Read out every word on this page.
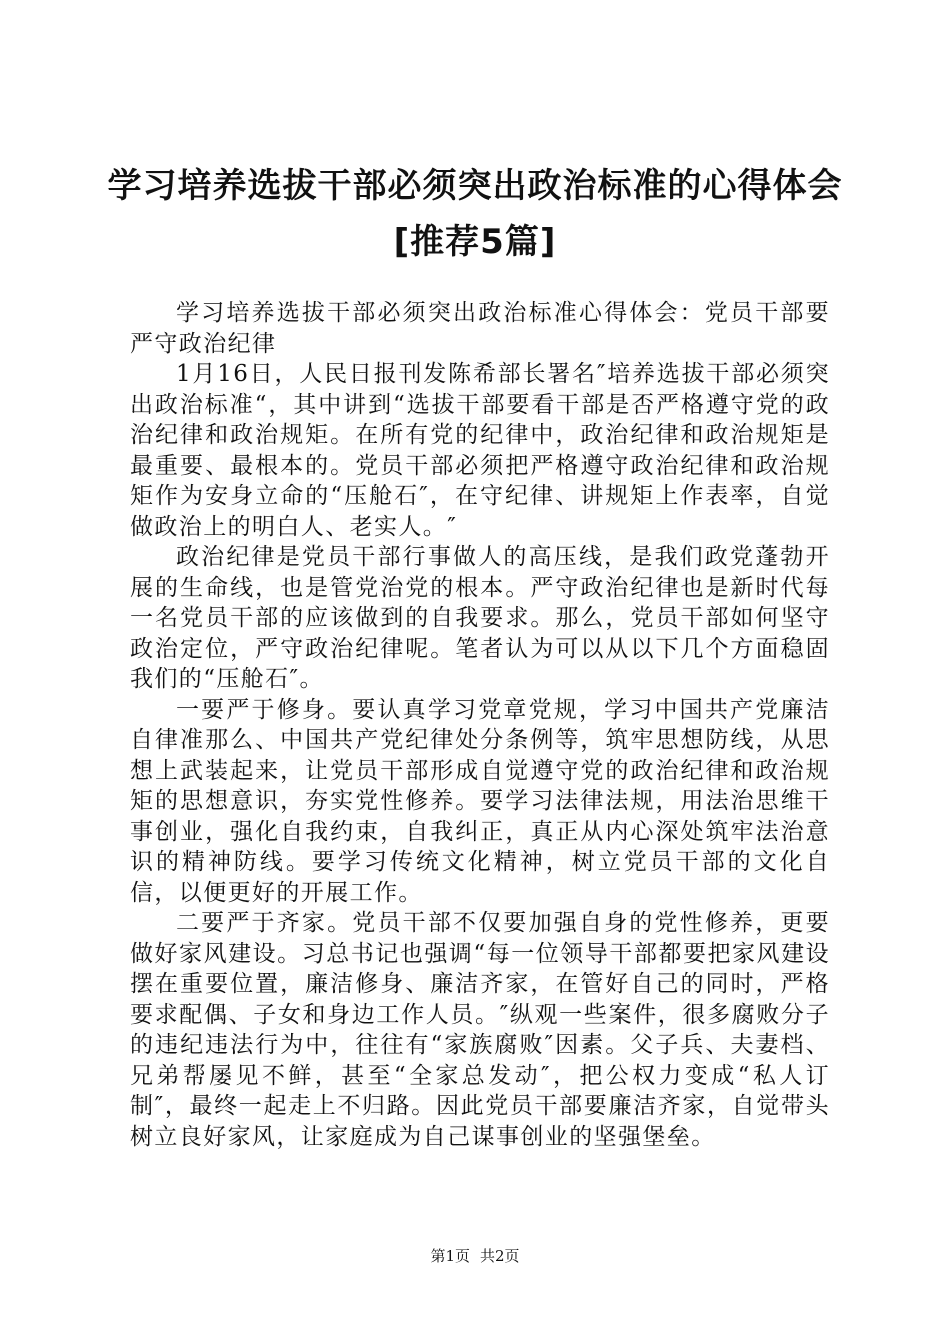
学习培养选拔干部必须突出政治标准的心得体会[推荐5篇]

学习培养选拔干部必须突出政治标准心得体会：党员干部要严守政治纪律

1月16日，人民日报刊发陈希部长署名″培养选拔干部必须突出政治标准“，其中讲到“选拔干部要看干部是否严格遵守党的政治纪律和政治规矩。在所有党的纪律中，政治纪律和政治规矩是最重要、最根本的。党员干部必须把严格遵守政治纪律和政治规矩作为安身立命的“压舱石″，在守纪律、讲规矩上作表率，自觉做政治上的明白人、老实人。″

政治纪律是党员干部行事做人的高压线，是我们政党蓬勃开展的生命线，也是管党治党的根本。严守政治纪律也是新时代每一名党员干部的应该做到的自我要求。那么，党员干部如何坚守政治定位，严守政治纪律呢。笔者认为可以从以下几个方面稳固我们的“压舱石″。

一要严于修身。要认真学习党章党规，学习中国共产党廉洁自律准那么、中国共产党纪律处分条例等，筑牢思想防线，从思想上武装起来，让党员干部形成自觉遵守党的政治纪律和政治规矩的思想意识，夯实党性修养。要学习法律法规，用法治思维干事创业，强化自我约束，自我纠正，真正从内心深处筑牢法治意识的精神防线。要学习传统文化精神，树立党员干部的文化自信，以便更好的开展工作。

二要严于齐家。党员干部不仅要加强自身的党性修养，更要做好家风建设。习总书记也强调“每一位领导干部都要把家风建设摆在重要位置，廉洁修身、廉洁齐家，在管好自己的同时，严格要求配偶、子女和身边工作人员。″纵观一些案件，很多腐败分子的违纪违法行为中，往往有“家族腐败″因素。父子兵、夫妻档、兄弟帮屡见不鲜，甚至“全家总发动″，把公权力变成“私人订制″，最终一起走上不归路。因此党员干部要廉洁齐家，自觉带头树立良好家风，让家庭成为自己谋事创业的坚强堡垒。

第1页 共2页
